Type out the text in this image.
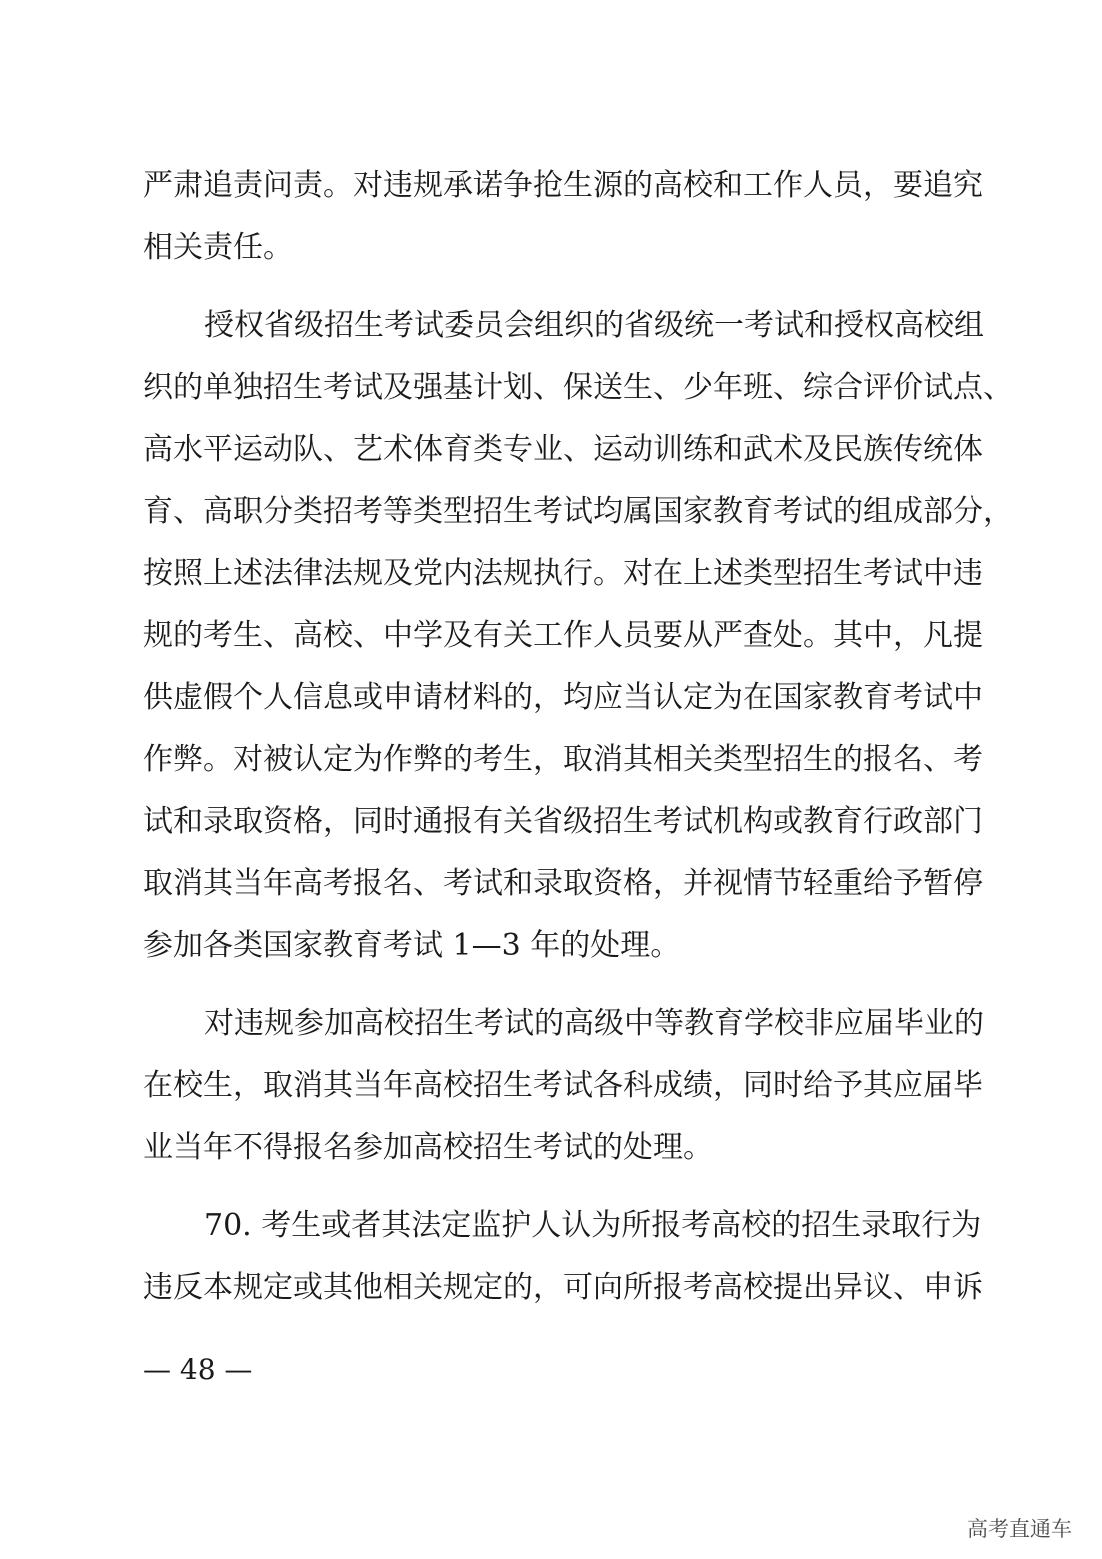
严肃追责问责。对违规承诺争抢生源的高校和工作人员，要追究

相关责任。

授权省级招生考试委员会组织的省级统一考试和授权高校组

织的单独招生考试及强基计划、保送生、少年班、综合评价试点、

高水平运动队、艺术体育类专业、运动训练和武术及民族传统体

育、高职分类招考等类型招生考试均属国家教育考试的组成部分，

按照上述法律法规及党内法规执行。对在上述类型招生考试中违

规的考生、高校、中学及有关工作人员要从严查处。其中，凡提

供虚假个人信息或申请材料的，均应当认定为在国家教育考试中

作弊。对被认定为作弊的考生，取消其相关类型招生的报名、考

试和录取资格，同时通报有关省级招生考试机构或教育行政部门

取消其当年高考报名、考试和录取资格，并视情节轻重给予暂停

参加各类国家教育考试 1—3 年的处理。

对违规参加高校招生考试的高级中等教育学校非应届毕业的

在校生，取消其当年高校招生考试各科成绩，同时给予其应届毕

业当年不得报名参加高校招生考试的处理。

70. 考生或者其法定监护人认为所报考高校的招生录取行为

违反本规定或其他相关规定的，可向所报考高校提出异议、申诉

— 48 —
高考直通车
